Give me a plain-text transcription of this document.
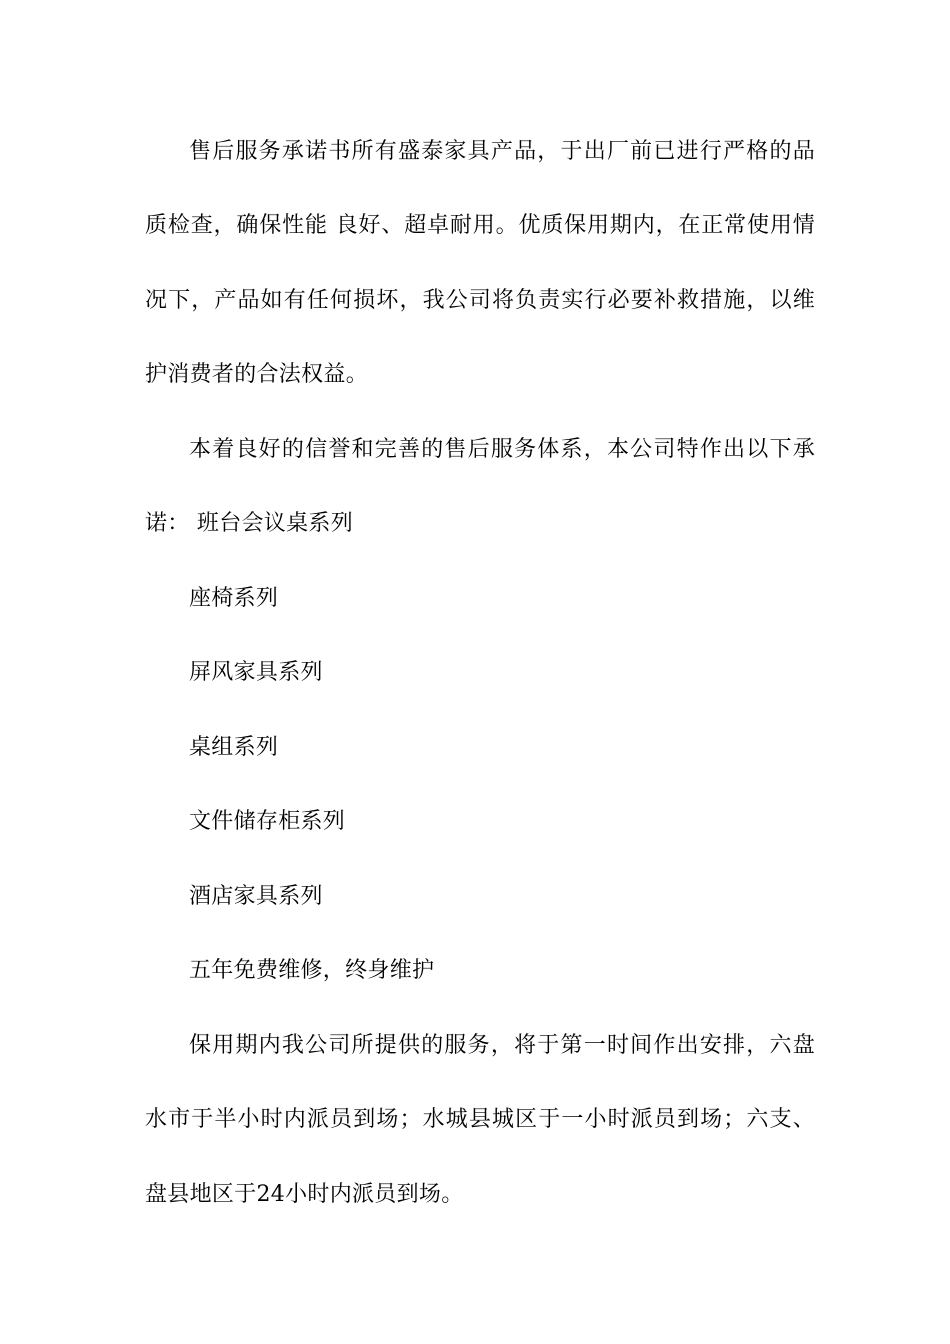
售后服务承诺书所有盛泰家具产品，于出厂前已进行严格的品
质检查，确保性能 良好、超卓耐用。优质保用期内，在正常使用情
况下，产品如有任何损坏，我公司将负责实行必要补救措施，以维
护消费者的合法权益。
本着良好的信誉和完善的售后服务体系，本公司特作出以下承
诺： 班台会议桌系列
座椅系列
屏风家具系列
桌组系列
文件储存柜系列
酒店家具系列
五年免费维修，终身维护
保用期内我公司所提供的服务，将于第一时间作出安排，六盘
水市于半小时内派员到场；水城县城区于一小时派员到场；六支、
盘县地区于24小时内派员到场。
